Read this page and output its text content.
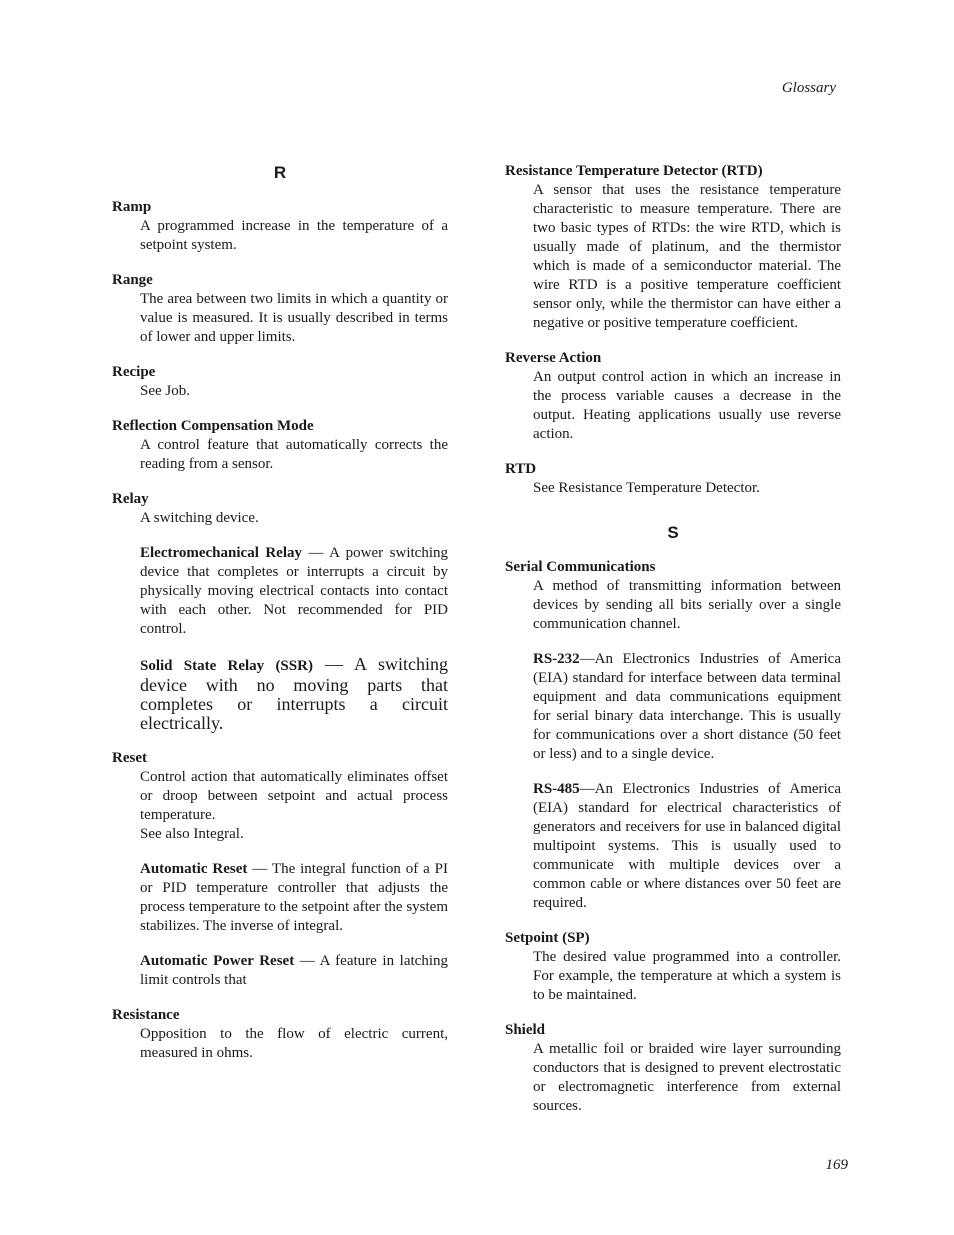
Glossary
R

Ramp

A programmed increase in the temperature of a setpoint system.

Range

The area between two limits in which a quantity or value is measured. It is usually described in terms of lower and upper limits.

Recipe

See Job.

Reflection Compensation Mode

A control feature that automatically corrects the reading from a sensor.

Relay

A switching device.

Electromechanical Relay — A power switching device that completes or interrupts a circuit by physically moving electrical contacts into contact with each other. Not recommended for PID control.

Solid State Relay (SSR) — A switching device with no moving parts that completes or interrupts a circuit electrically.

Reset

Control action that automatically eliminates offset or droop between setpoint and actual process temperature.
See also Integral.

Automatic Reset — The integral function of a PI or PID temperature controller that adjusts the process temperature to the setpoint after the system stabilizes. The inverse of integral.

Automatic Power Reset — A feature in latching limit controls that

Resistance

Opposition to the flow of electric current, measured in ohms.

Resistance Temperature Detector (RTD)

A sensor that uses the resistance temperature characteristic to measure temperature. There are two basic types of RTDs: the wire RTD, which is usually made of platinum, and the thermistor which is made of a semiconductor material. The wire RTD is a positive temperature coefficient sensor only, while the thermistor can have either a negative or positive temperature coefficient.

Reverse Action

An output control action in which an increase in the process variable causes a decrease in the output. Heating applications usually use reverse action.

RTD

See Resistance Temperature Detector.

S

Serial Communications

A method of transmitting information between devices by sending all bits serially over a single communication channel.

RS-232—An Electronics Industries of America (EIA) standard for interface between data terminal equipment and data communications equipment for serial binary data interchange. This is usually for communications over a short distance (50 feet or less) and to a single device.

RS-485—An Electronics Industries of America (EIA) standard for electrical characteristics of generators and receivers for use in balanced digital multipoint systems. This is usually used to communicate with multiple devices over a common cable or where distances over 50 feet are required.

Setpoint (SP)

The desired value programmed into a controller. For example, the temperature at which a system is to be maintained.

Shield

A metallic foil or braided wire layer surrounding conductors that is designed to prevent electrostatic or electromagnetic interference from external sources.

169
